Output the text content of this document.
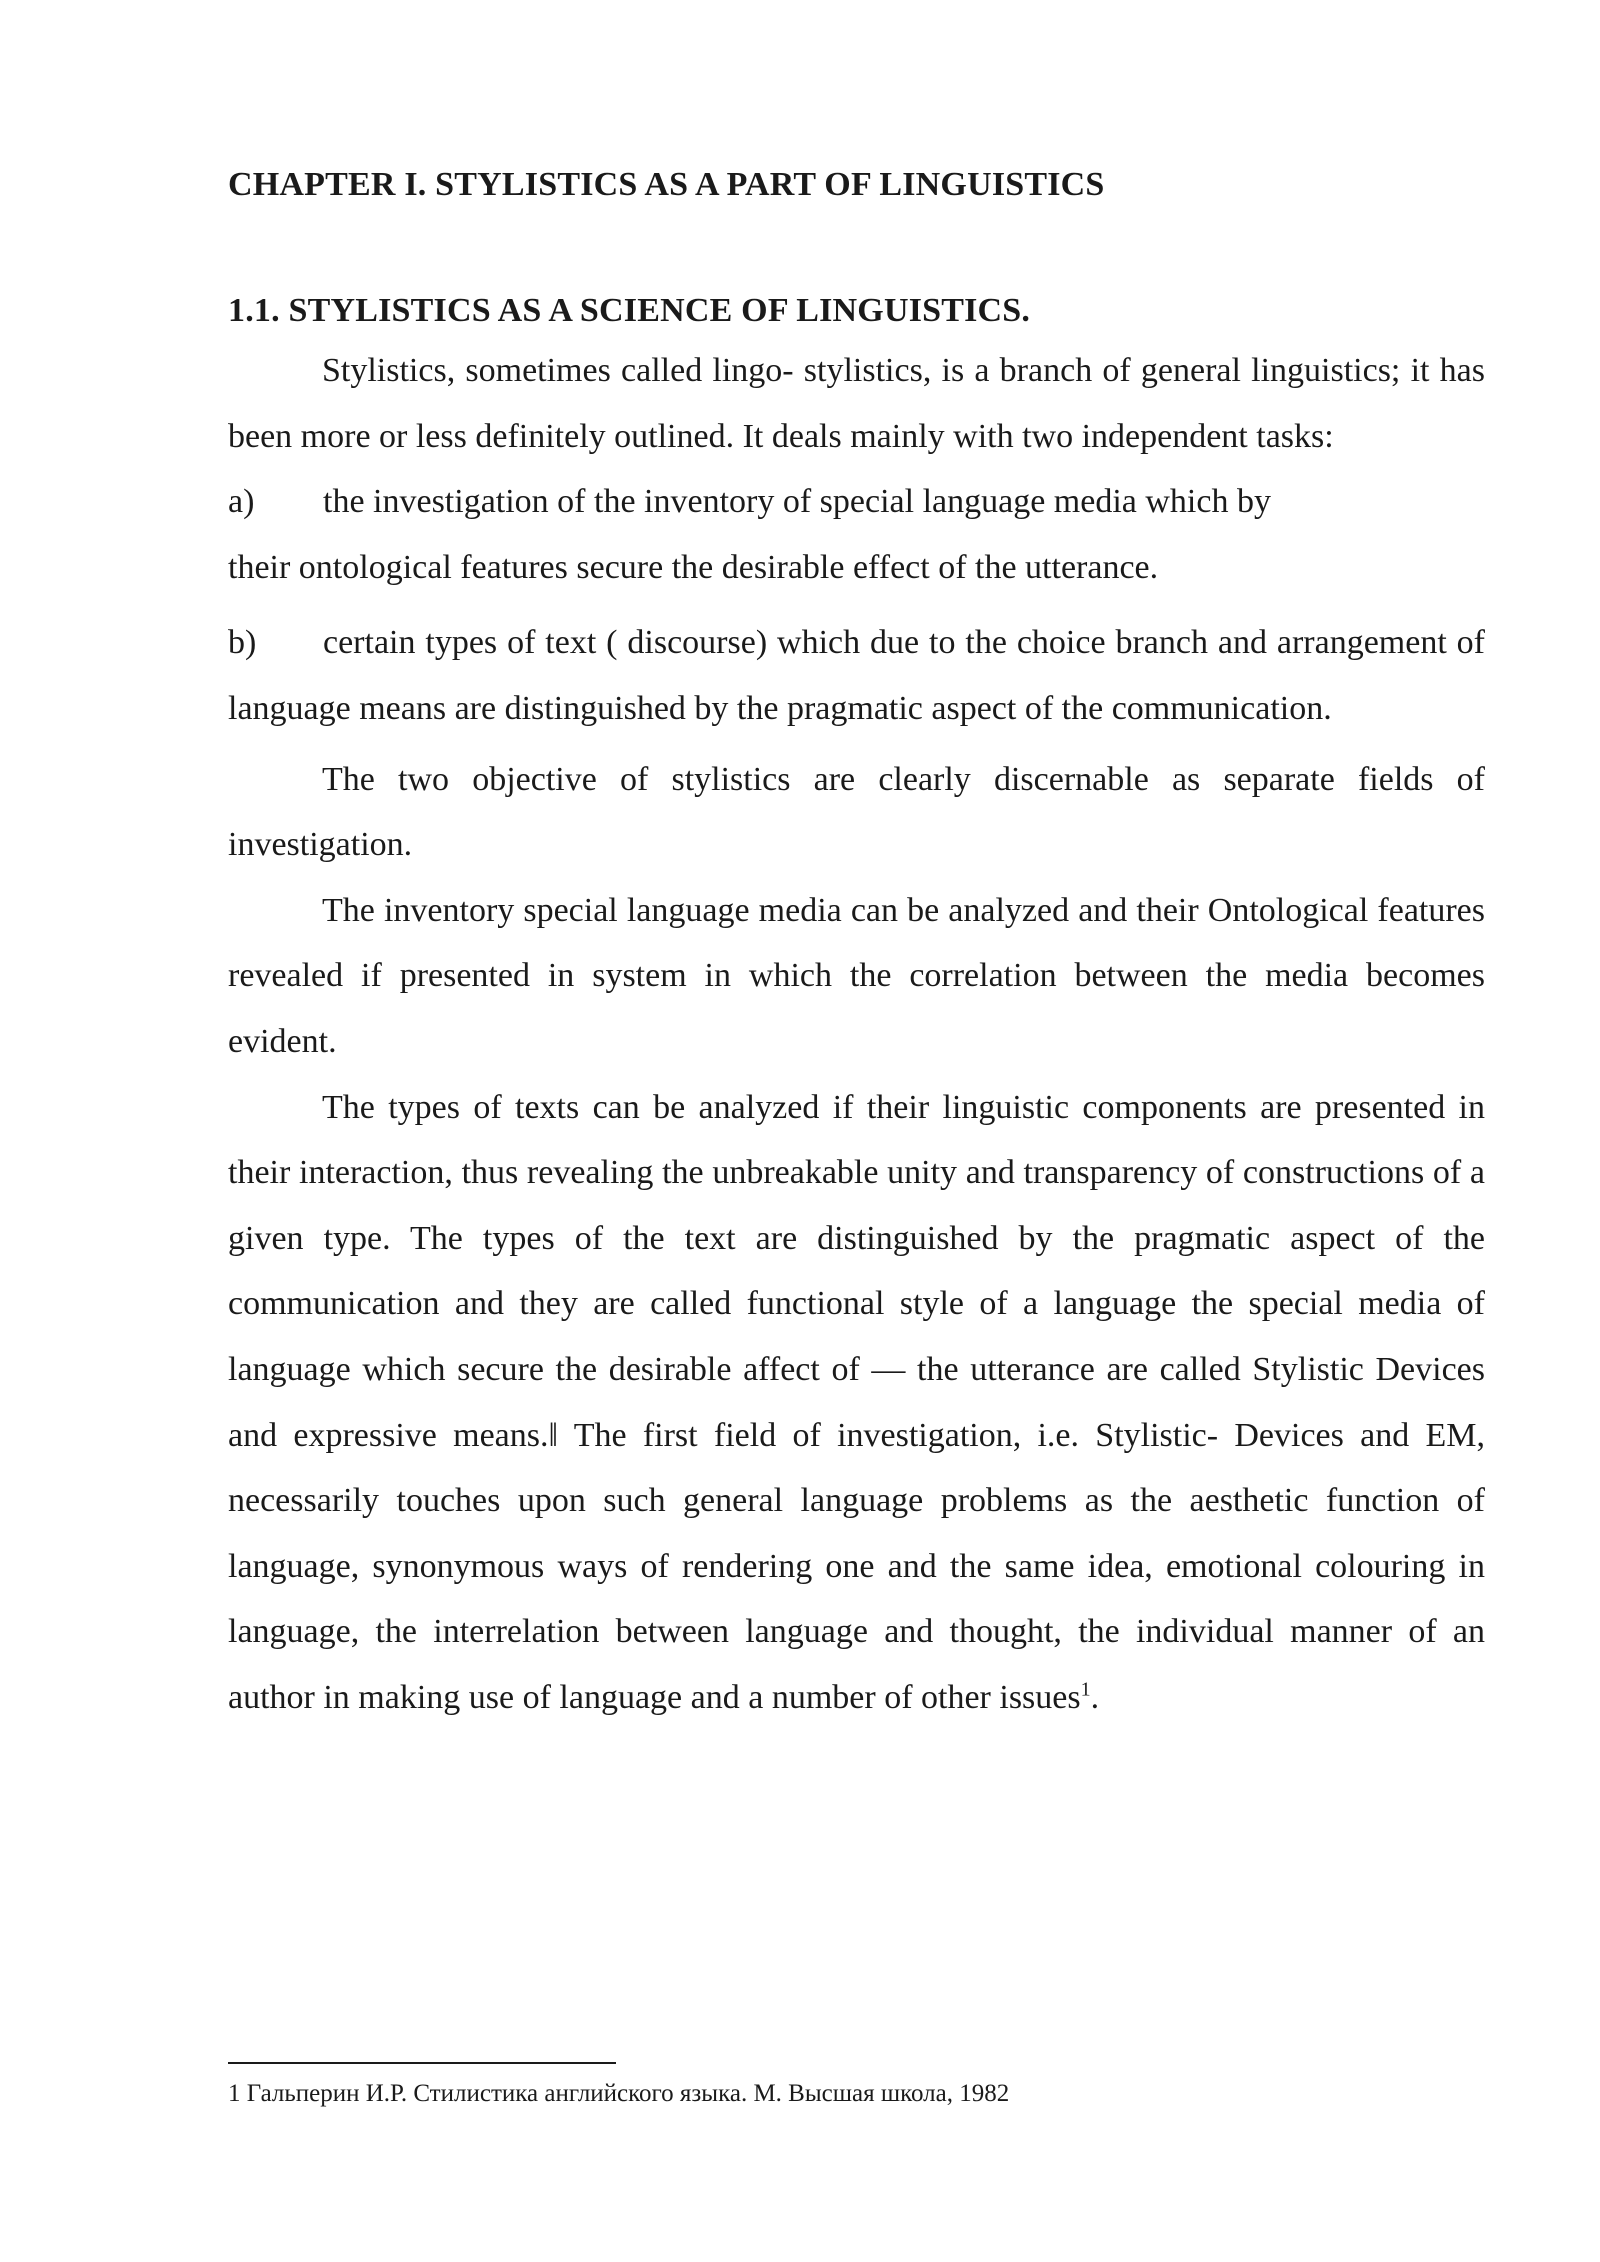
CHAPTER I. STYLISTICS AS A PART OF LINGUISTICS
1.1. STYLISTICS AS A SCIENCE OF LINGUISTICS.

Stylistics, sometimes called lingo- stylistics, is a branch of general linguistics; it has been more or less definitely outlined. It deals mainly with two independent tasks:

a) the investigation of the inventory of special language media which by
their ontological features secure the desirable effect of the utterance.
b) certain types of text ( discourse) which due to the choice branch and arrangement of language means are distinguished by the pragmatic aspect of the communication.

The two objective of stylistics are clearly discernable as separate fields of investigation.

The inventory special language media can be analyzed and their Ontological features revealed if presented in system in which the correlation between the media becomes evident.

The types of texts can be analyzed if their linguistic components are presented in their interaction, thus revealing the unbreakable unity and transparency of constructions of a given type. The types of the text are distinguished by the pragmatic aspect of the communication and they are called functional style of a language the special media of language which secure the desirable affect of — the utterance are called Stylistic Devices and expressive means.‖ The first field of investigation, i.e. Stylistic- Devices and EM, necessarily touches upon such general language problems as the aesthetic function of language, synonymous ways of rendering one and the same idea, emotional colouring in language, the interrelation between language and thought, the individual manner of an author in making use of language and a number of other issues$^1$.

1 Гальперин И.Р. Стилистика английского языка. М. Высшая школа, 1982
